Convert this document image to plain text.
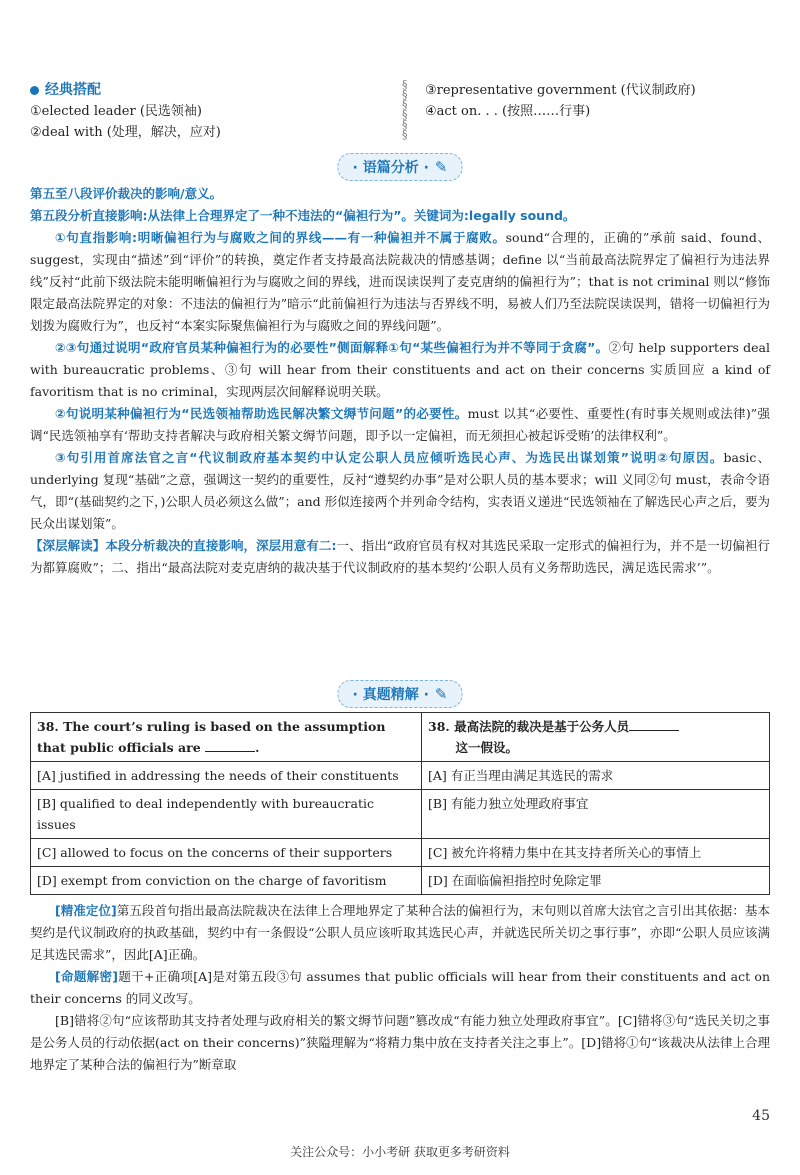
经典搭配
①elected leader (民选领袖)
②deal with (处理，解决，应对)
§
§
§
§
§
§
③representative government (代议制政府)
④act on. . . (按照……行事)
· 语篇分析 · ✎

第五至八段评价裁决的影响/意义。

第五段分析直接影响:从法律上合理界定了一种不违法的“偏袒行为”。关键词为:legally sound。

①句直指影响:明晰偏袒行为与腐败之间的界线——有一种偏袒并不属于腐败。sound“合理的，正确的”承前 said、found、suggest，实现由“描述”到“评价”的转换，奠定作者支持最高法院裁决的情感基调；define 以“当前最高法院界定了偏袒行为违法界线”反衬“此前下级法院未能明晰偏袒行为与腐败之间的界线，进而误读误判了麦克唐纳的偏袒行为”；that is not criminal 则以“修饰限定最高法院界定的对象：不违法的偏袒行为”暗示“此前偏袒行为违法与否界线不明，易被人们乃至法院误读误判，错将一切偏袒行为划拨为腐败行为”，也反衬“本案实际聚焦偏袒行为与腐败之间的界线问题”。

②③句通过说明“政府官员某种偏袒行为的必要性”侧面解释①句“某些偏袒行为并不等同于贪腐”。②句 help supporters deal with bureaucratic problems、③句 will hear from their constituents and act on their concerns 实质回应 a kind of favoritism that is no criminal，实现两层次间解释说明关联。

②句说明某种偏袒行为“民选领袖帮助选民解决繁文缛节问题”的必要性。must 以其“必要性、重要性(有时事关规则或法律)”强调“民选领袖享有‘帮助支持者解决与政府相关繁文缛节问题，即予以一定偏袒，而无须担心被起诉受贿’的法律权利”。

③句引用首席法官之言“代议制政府基本契约中认定公职人员应倾听选民心声、为选民出谋划策”说明②句原因。basic、underlying 复现“基础”之意，强调这一契约的重要性，反衬“遵契约办事”是对公职人员的基本要求；will 义同②句 must，表命令语气，即“(基础契约之下，)公职人员必须这么做”；and 形似连接两个并列命令结构，实表语义递进“民选领袖在了解选民心声之后，要为民众出谋划策”。

【深层解读】本段分析裁决的直接影响，深层用意有二:一、指出“政府官员有权对其选民采取一定形式的偏袒行为，并不是一切偏袒行为都算腐败”；二、指出“最高法院对麦克唐纳的裁决基于代议制政府的基本契约‘公职人员有义务帮助选民，满足选民需求’”。

· 真题精解 · ✎
38. The court’s ruling is based on the assumption that public officials are .	38. 最高法院的裁决是基于公务人员
这一假设。
[A] justified in addressing the needs of their constituents	[A] 有正当理由满足其选民的需求
[B] qualified to deal independently with bureaucratic issues	[B] 有能力独立处理政府事宜
[C] allowed to focus on the concerns of their supporters	[C] 被允许将精力集中在其支持者所关心的事情上
[D] exempt from conviction on the charge of favoritism	[D] 在面临偏袒指控时免除定罪

[精准定位]第五段首句指出最高法院裁决在法律上合理地界定了某种合法的偏袒行为，末句则以首席大法官之言引出其依据：基本契约是代议制政府的执政基础，契约中有一条假设“公职人员应该听取其选民心声，并就选民所关切之事行事”，亦即“公职人员应该满足其选民需求”，因此[A]正确。

[命题解密]题干+正确项[A]是对第五段③句 assumes that public officials will hear from their constituents and act on their concerns 的同义改写。

[B]错将②句“应该帮助其支持者处理与政府相关的繁文缛节问题”篡改成“有能力独立处理政府事宜”。[C]错将③句“选民关切之事是公务人员的行动依据(act on their concerns)”狭隘理解为“将精力集中放在支持者关注之事上”。[D]错将①句“该裁决从法律上合理地界定了某种合法的偏袒行为”断章取

45
关注公众号：小小考研 获取更多考研资料
